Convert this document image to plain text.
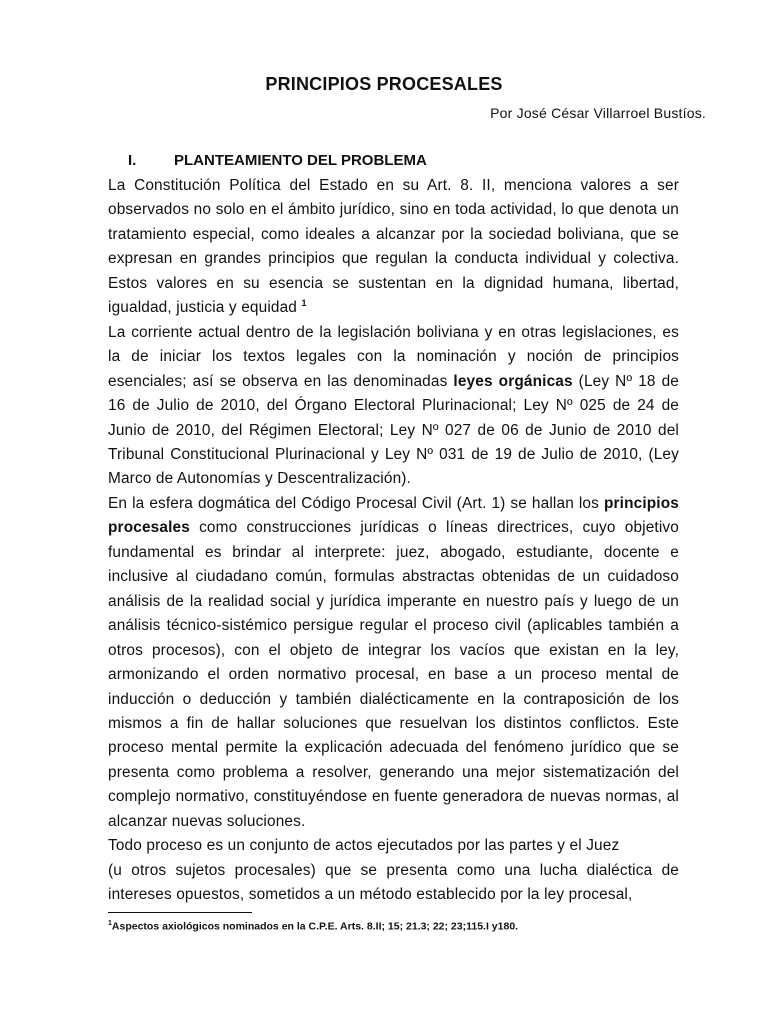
PRINCIPIOS PROCESALES
Por José César Villarroel Bustíos.
I.	PLANTEAMIENTO DEL PROBLEMA

La Constitución Política del Estado en su Art. 8. II, menciona valores a ser observados no solo en el ámbito jurídico, sino en toda actividad, lo que denota un tratamiento especial, como ideales a alcanzar por la sociedad boliviana, que se expresan en grandes principios que regulan la conducta individual y colectiva. Estos valores en su esencia se sustentan en la dignidad humana, libertad, igualdad, justicia y equidad $^1$

La corriente actual dentro de la legislación boliviana y en otras legislaciones, es la de iniciar los textos legales con la nominación y noción de principios esenciales; así se observa en las denominadas leyes orgánicas (Ley Nº 18 de 16 de Julio de 2010, del Órgano Electoral Plurinacional; Ley Nº 025 de 24 de Junio de 2010, del Régimen Electoral; Ley Nº 027 de 06 de Junio de 2010 del Tribunal Constitucional Plurinacional y Ley Nº 031 de 19 de Julio de 2010, (Ley Marco de Autonomías y Descentralización).

En la esfera dogmática del Código Procesal Civil (Art. 1) se hallan los principios procesales como construcciones jurídicas o líneas directrices, cuyo objetivo fundamental es brindar al interprete: juez, abogado, estudiante, docente e inclusive al ciudadano común, formulas abstractas obtenidas de un cuidadoso análisis de la realidad social y jurídica imperante en nuestro país y luego de un análisis técnico-sistémico persigue regular el proceso civil (aplicables también a otros procesos), con el objeto de integrar los vacíos que existan en la ley, armonizando el orden normativo procesal, en base a un proceso mental de inducción o deducción y también dialécticamente en la contraposición de los mismos a fin de hallar soluciones que resuelvan los distintos conflictos. Este proceso mental permite la explicación adecuada del fenómeno jurídico que se presenta como problema a resolver, generando una mejor sistematización del complejo normativo, constituyéndose en fuente generadora de nuevas normas, al alcanzar nuevas soluciones.

Todo proceso es un conjunto de actos ejecutados por las partes y el Juez

(u otros sujetos procesales) que se presenta como una lucha dialéctica de intereses opuestos, sometidos a un método establecido por la ley procesal,

$^1$Aspectos axiológicos nominados en la C.P.E. Arts. 8.II; 15; 21.3; 22; 23;115.I y180.
